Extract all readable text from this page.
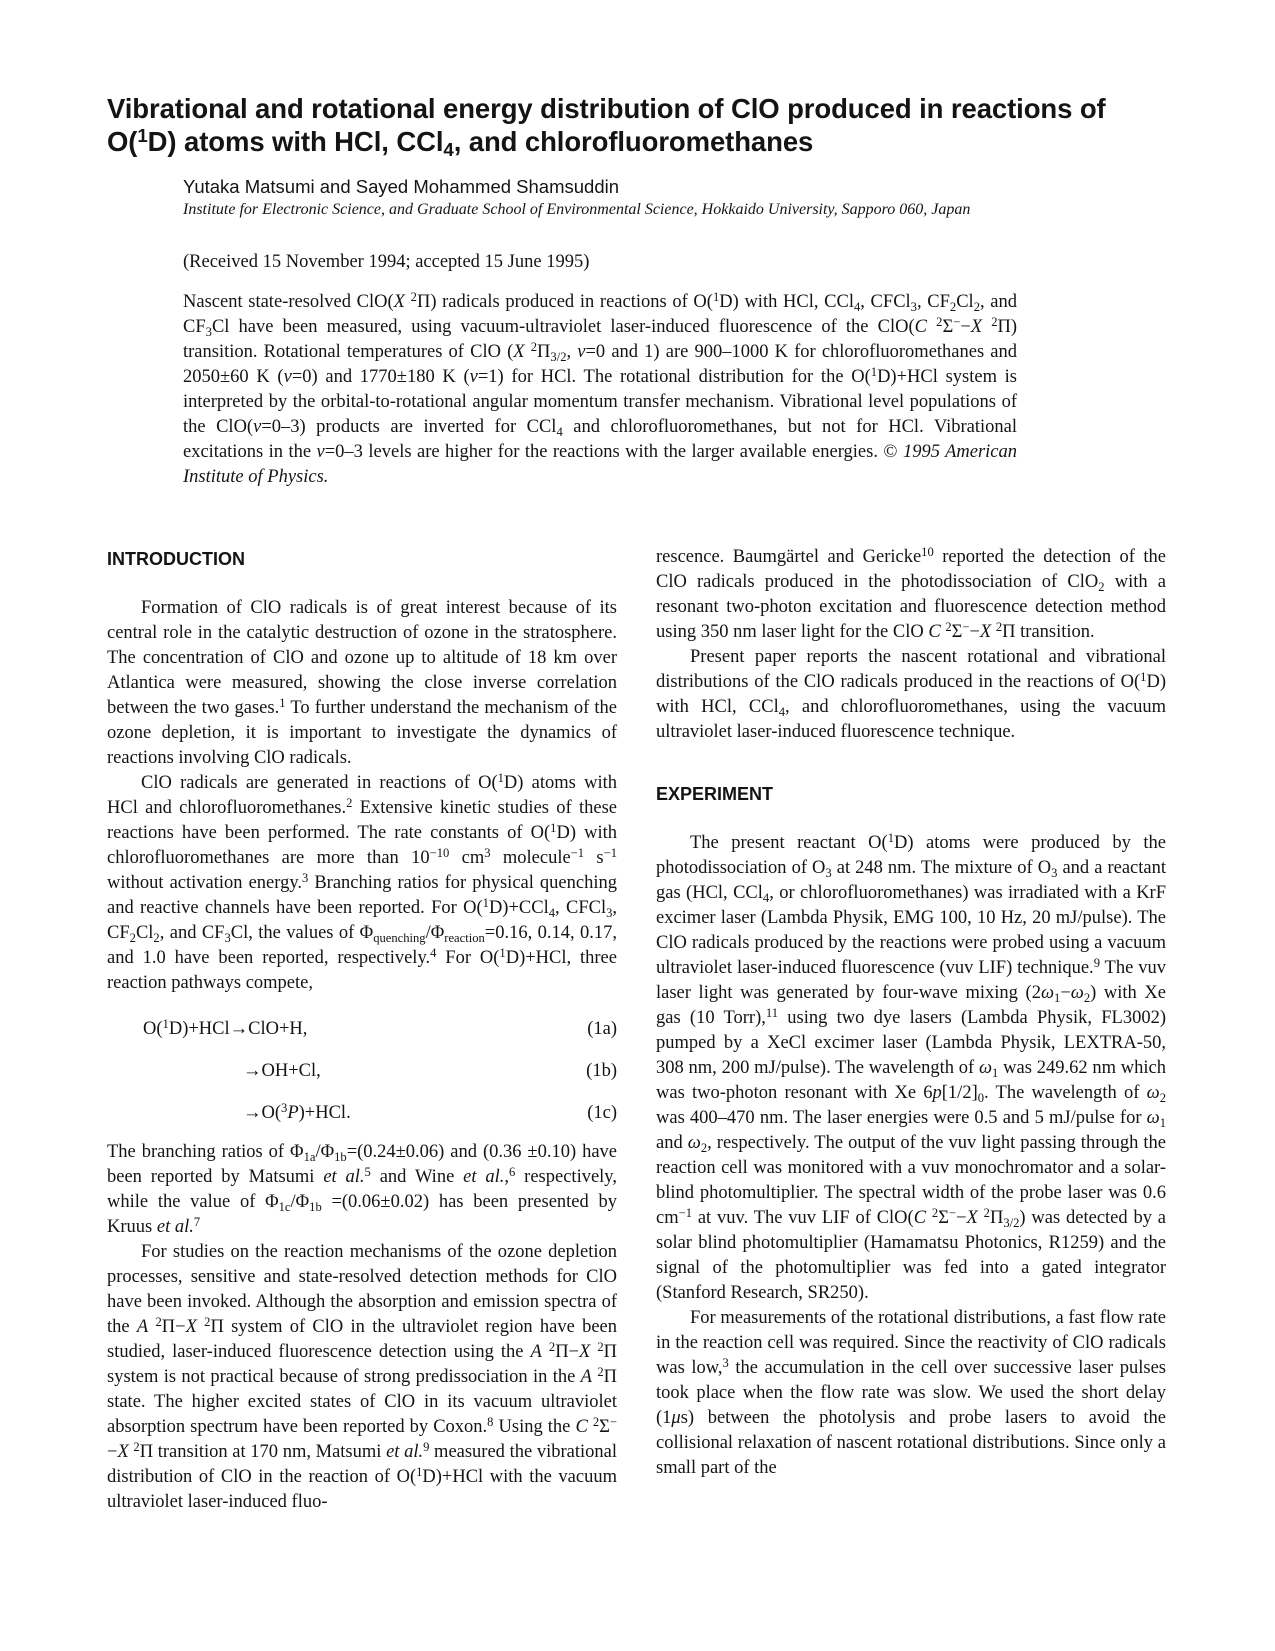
Vibrational and rotational energy distribution of ClO produced in reactions of O($^1$D) atoms with HCl, CCl$_4$, and chlorofluoromethanes
Yutaka Matsumi and Sayed Mohammed Shamsuddin
Institute for Electronic Science, and Graduate School of Environmental Science, Hokkaido University, Sapporo 060, Japan
(Received 15 November 1994; accepted 15 June 1995)

Nascent state-resolved ClO(X $^2$Π) radicals produced in reactions of O($^1$D) with HCl, CCl$_4$, CFCl$_3$, $CF_2Cl_2$, and $CF_3Cl$ have been measured, using vacuum-ultraviolet laser-induced fluorescence of the ClO(C $^2$Σ−−X $^2$Π) transition. Rotational temperatures of ClO (X $^2\Pi_{3/2}$, v=0 and 1) are 900–1000 K for chlorofluoromethanes and 2050±60 K (v=0) and 1770±180 K (v=1) for HCl. The rotational distribution for the O($^1$D)+HCl system is interpreted by the orbital-to-rotational angular momentum transfer mechanism. Vibrational level populations of the ClO(v=0–3) products are inverted for CCl$_4$ and chlorofluoromethanes, but not for HCl. Vibrational excitations in the v=0–3 levels are higher for the reactions with the larger available energies. © 1995 American Institute of Physics.

INTRODUCTION

Formation of ClO radicals is of great interest because of its central role in the catalytic destruction of ozone in the stratosphere. The concentration of ClO and ozone up to altitude of 18 km over Atlantica were measured, showing the close inverse correlation between the two gases.$^1$ To further understand the mechanism of the ozone depletion, it is important to investigate the dynamics of reactions involving ClO radicals.

ClO radicals are generated in reactions of O($^1$D) atoms with HCl and chlorofluoromethanes.$^2$ Extensive kinetic studies of these reactions have been performed. The rate constants of O($^1$D) with chlorofluoromethanes are more than $10^{-10}$ $cm^3$ molecule$^{-1}$ $s^{-1}$ without activation energy.$^3$ Branching ratios for physical quenching and reactive channels have been reported. For O($^1$D)+CCl$_4$, CFCl$_3$, $CF_2Cl_2$, and $CF_3Cl$, the values of $\Phi_{quenching}/\Phi_{reaction}=0.16$, 0.14, 0.17, and 1.0 have been reported, respectively.$^4$ For O($^1$D)+HCl, three reaction pathways compete,

O($^1$D)+HCl→ClO+H,	(1a)
→OH+Cl,	(1b)
→O($^3$P)+HCl.	(1c)

The branching ratios of $\Phi_{1a}/\Phi_{1b}=(0.24\pm 0.06)$ and (0.36 ±0.10) have been reported by Matsumi et al.$^5$ and Wine et al.,$^6$ respectively, while the value of $\Phi_{1c}/\Phi_{1b} =(0.06\pm 0.02)$ has been presented by Kruus et al.$^7$

For studies on the reaction mechanisms of the ozone depletion processes, sensitive and state-resolved detection methods for ClO have been invoked. Although the absorption and emission spectra of the A $^2$Π−X $^2$Π system of ClO in the ultraviolet region have been studied, laser-induced fluorescence detection using the A $^2$Π−X $^2$Π system is not practical because of strong predissociation in the A $^2$Π state. The higher excited states of ClO in its vacuum ultraviolet absorption spectrum have been reported by Coxon.$^8$ Using the C $^2$Σ−−X $^2$Π transition at 170 nm, Matsumi et al.$^9$ measured the vibrational distribution of ClO in the reaction of O($^1$D)+HCl with the vacuum ultraviolet laser-induced fluo-

rescence. Baumgärtel and Gericke$^{10}$ reported the detection of the ClO radicals produced in the photodissociation of ClO$_2$ with a resonant two-photon excitation and fluorescence detection method using 350 nm laser light for the ClO C $^2$Σ−−X $^2$Π transition.

Present paper reports the nascent rotational and vibrational distributions of the ClO radicals produced in the reactions of O($^1$D) with HCl, CCl$_4$, and chlorofluoromethanes, using the vacuum ultraviolet laser-induced fluorescence technique.

EXPERIMENT

The present reactant O($^1$D) atoms were produced by the photodissociation of $O_3$ at 248 nm. The mixture of $O_3$ and a reactant gas (HCl, CCl$_4$, or chlorofluoromethanes) was irradiated with a KrF excimer laser (Lambda Physik, EMG 100, 10 Hz, 20 mJ/pulse). The ClO radicals produced by the reactions were probed using a vacuum ultraviolet laser-induced fluorescence (vuv LIF) technique.$^9$ The vuv laser light was generated by four-wave mixing $(2\omega_1-\omega_2)$ with Xe gas (10 Torr),$^{11}$ using two dye lasers (Lambda Physik, FL3002) pumped by a XeCl excimer laser (Lambda Physik, LEXTRA-50, 308 nm, 200 mJ/pulse). The wavelength of $\omega_1$ was 249.62 nm which was two-photon resonant with Xe $6p[1/2]_0$. The wavelength of $\omega_2$ was 400–470 nm. The laser energies were 0.5 and 5 mJ/pulse for $\omega_1$ and $\omega_2$, respectively. The output of the vuv light passing through the reaction cell was monitored with a vuv monochromator and a solar-blind photomultiplier. The spectral width of the probe laser was 0.6 $cm^{-1}$ at vuv. The vuv LIF of ClO(C $^2$Σ−−X $^2\Pi_{3/2}$) was detected by a solar blind photomultiplier (Hamamatsu Photonics, R1259) and the signal of the photomultiplier was fed into a gated integrator (Stanford Research, SR250).

For measurements of the rotational distributions, a fast flow rate in the reaction cell was required. Since the reactivity of ClO radicals was low,$^3$ the accumulation in the cell over successive laser pulses took place when the flow rate was slow. We used the short delay (1μs) between the photolysis and probe lasers to avoid the collisional relaxation of nascent rotational distributions. Since only a small part of the
